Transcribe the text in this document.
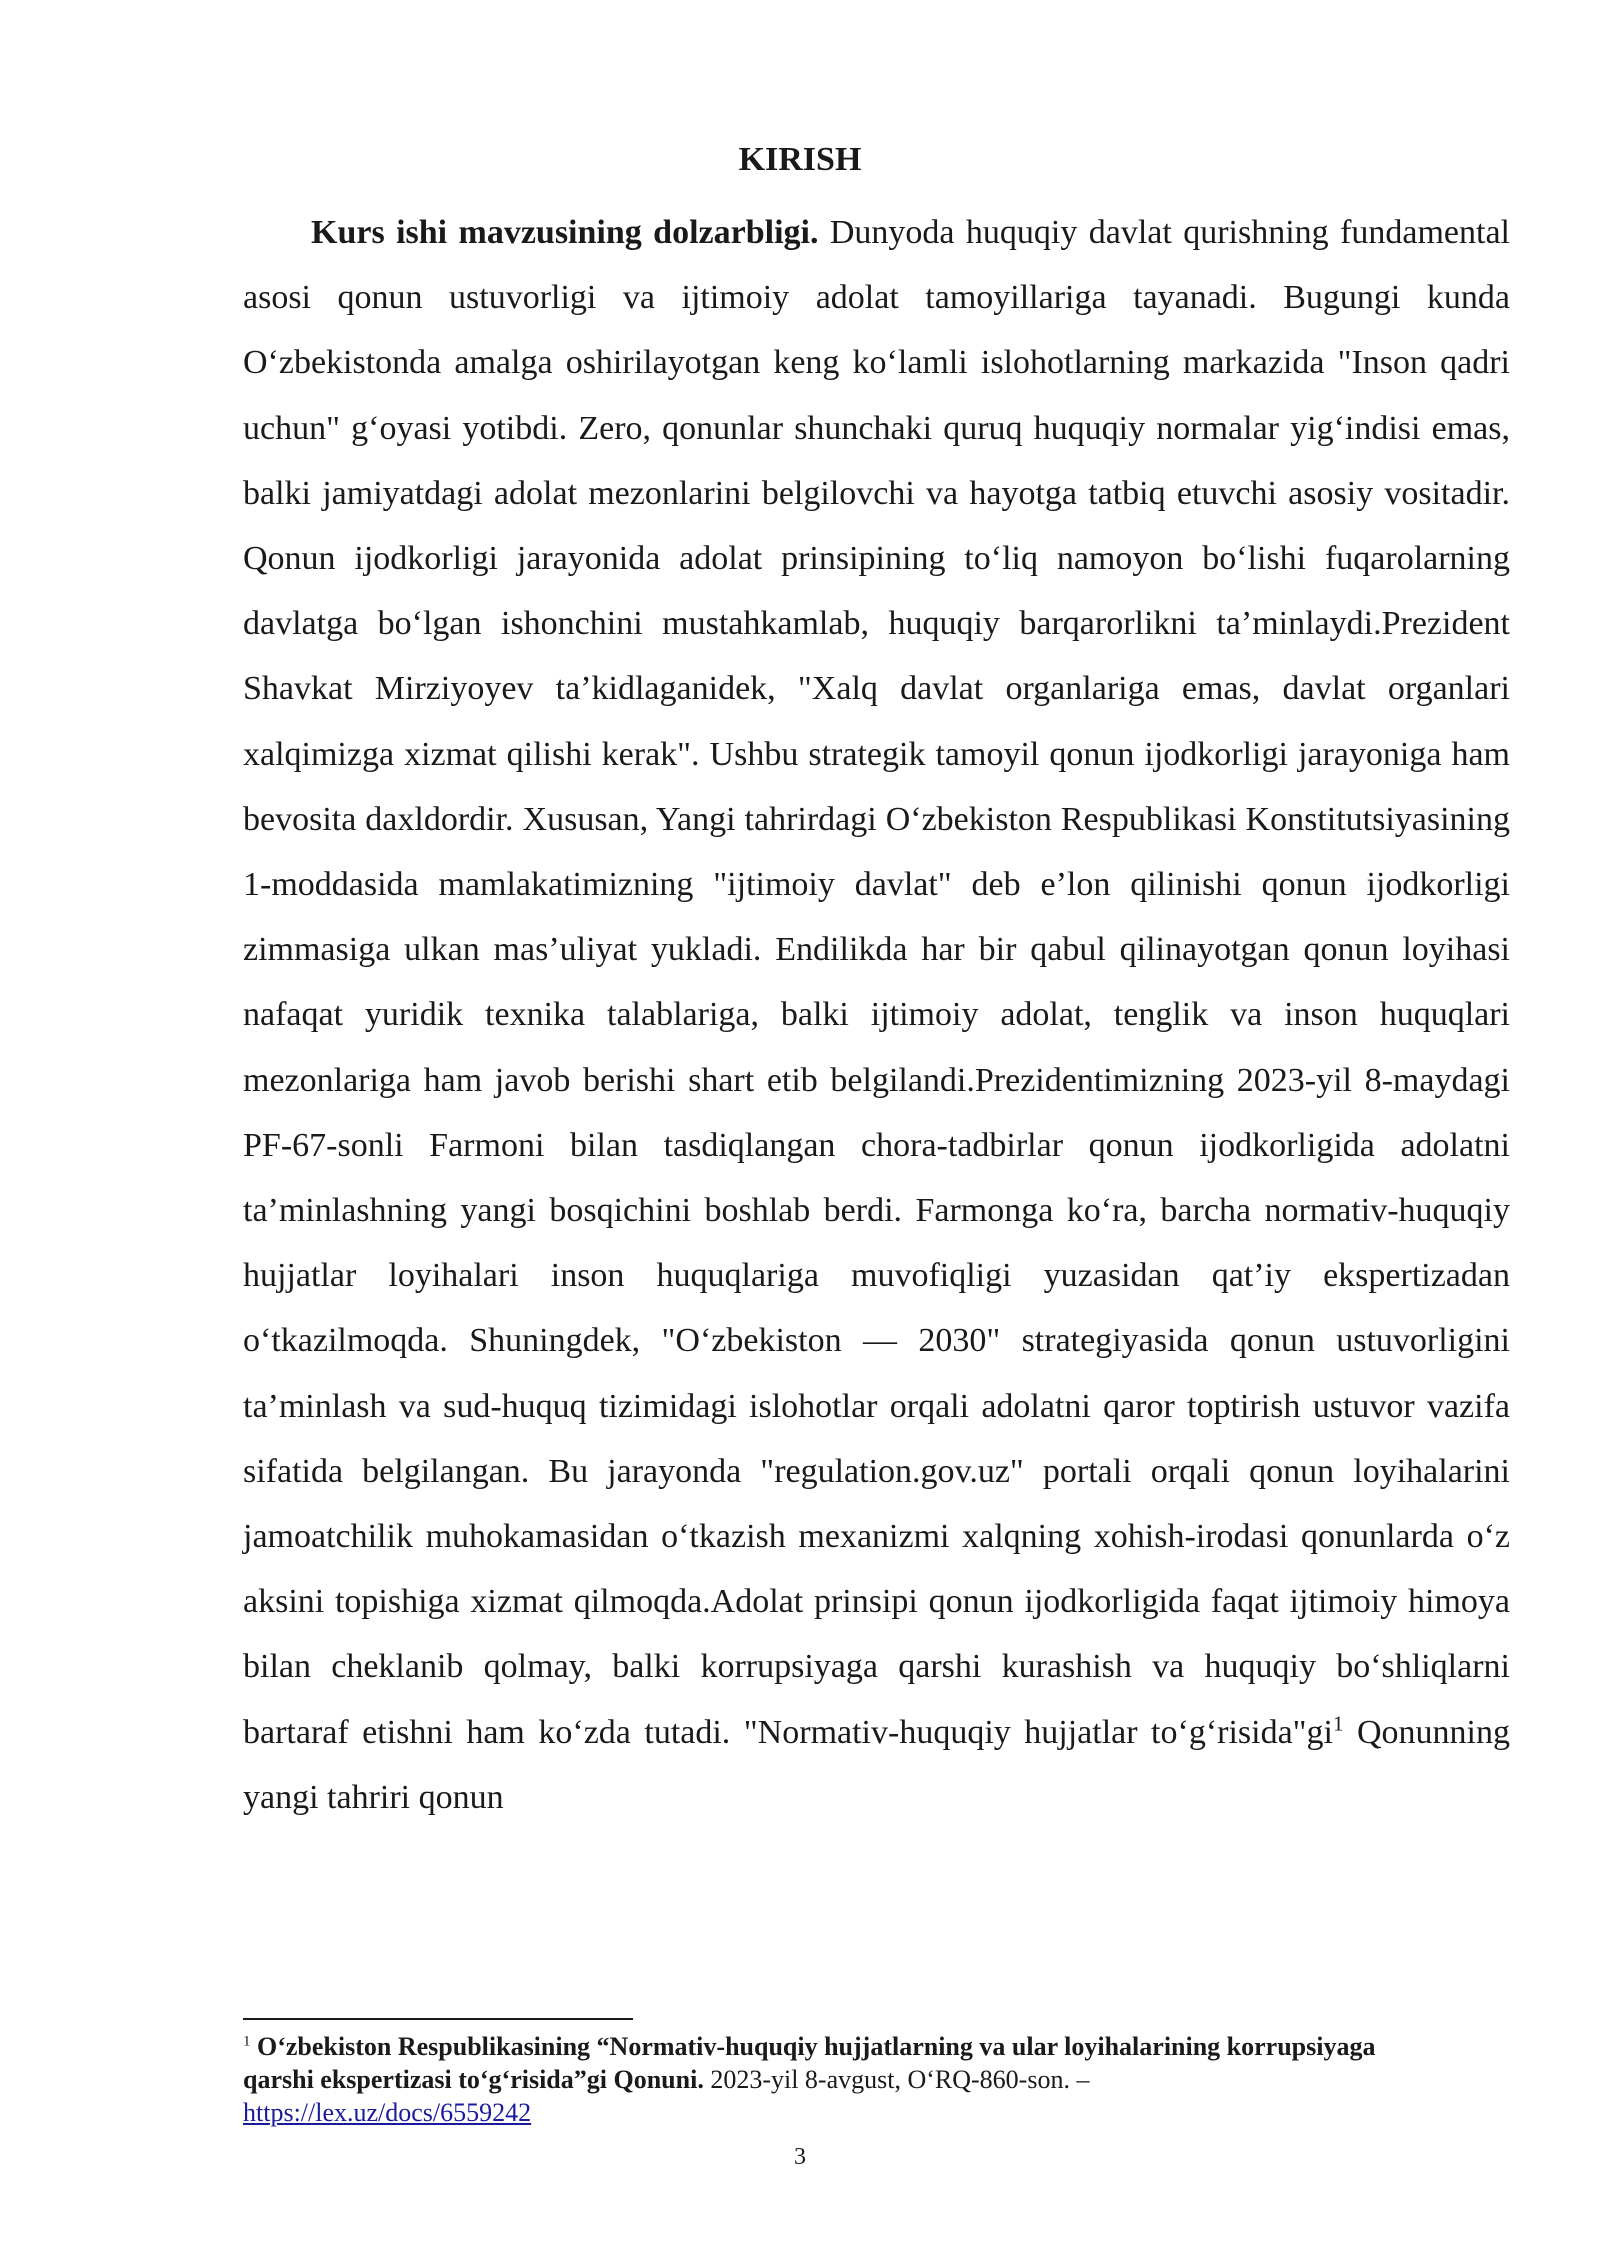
KIRISH

Kurs ishi mavzusining dolzarbligi. Dunyoda huquqiy davlat qurishning fundamental asosi qonun ustuvorligi va ijtimoiy adolat tamoyillariga tayanadi. Bugungi kunda O‘zbekistonda amalga oshirilayotgan keng ko‘lamli islohotlarning markazida "Inson qadri uchun" g‘oyasi yotibdi. Zero, qonunlar shunchaki quruq huquqiy normalar yig‘indisi emas, balki jamiyatdagi adolat mezonlarini belgilovchi va hayotga tatbiq etuvchi asosiy vositadir. Qonun ijodkorligi jarayonida adolat prinsipining to‘liq namoyon bo‘lishi fuqarolarning davlatga bo‘lgan ishonchini mustahkamlab, huquqiy barqarorlikni ta’minlaydi.Prezident Shavkat Mirziyoyev ta’kidlaganidek, "Xalq davlat organlariga emas, davlat organlari xalqimizga xizmat qilishi kerak". Ushbu strategik tamoyil qonun ijodkorligi jarayoniga ham bevosita daxldordir. Xususan, Yangi tahrirdagi O‘zbekiston Respublikasi Konstitutsiyasining 1-moddasida mamlakatimizning "ijtimoiy davlat" deb e’lon qilinishi qonun ijodkorligi zimmasiga ulkan mas’uliyat yukladi. Endilikda har bir qabul qilinayotgan qonun loyihasi nafaqat yuridik texnika talablariga, balki ijtimoiy adolat, tenglik va inson huquqlari mezonlariga ham javob berishi shart etib belgilandi.Prezidentimizning 2023-yil 8-maydagi PF-67-sonli Farmoni bilan tasdiqlangan chora-tadbirlar qonun ijodkorligida adolatni ta’minlashning yangi bosqichini boshlab berdi. Farmonga ko‘ra, barcha normativ-huquqiy hujjatlar loyihalari inson huquqlariga muvofiqligi yuzasidan qat’iy ekspertizadan o‘tkazilmoqda. Shuningdek, "O‘zbekiston — 2030" strategiyasida qonun ustuvorligini ta’minlash va sud-huquq tizimidagi islohotlar orqali adolatni qaror toptirish ustuvor vazifa sifatida belgilangan. Bu jarayonda "regulation.gov.uz" portali orqali qonun loyihalarini jamoatchilik muhokamasidan o‘tkazish mexanizmi xalqning xohish-irodasi qonunlarda o‘z aksini topishiga xizmat qilmoqda.Adolat prinsipi qonun ijodkorligida faqat ijtimoiy himoya bilan cheklanib qolmay, balki korrupsiyaga qarshi kurashish va huquqiy bo‘shliqlarni bartaraf etishni ham ko‘zda tutadi. "Normativ-huquqiy hujjatlar to‘g‘risida"gi$^1$ Qonunning yangi tahriri qonun

$^1$ O‘zbekiston Respublikasining “Normativ-huquqiy hujjatlarning va ular loyihalarining korrupsiyaga qarshi ekspertizasi to‘g‘risida”gi Qonuni. 2023-yil 8-avgust, O‘RQ-860-son. –
https://lex.uz/docs/6559242

3
